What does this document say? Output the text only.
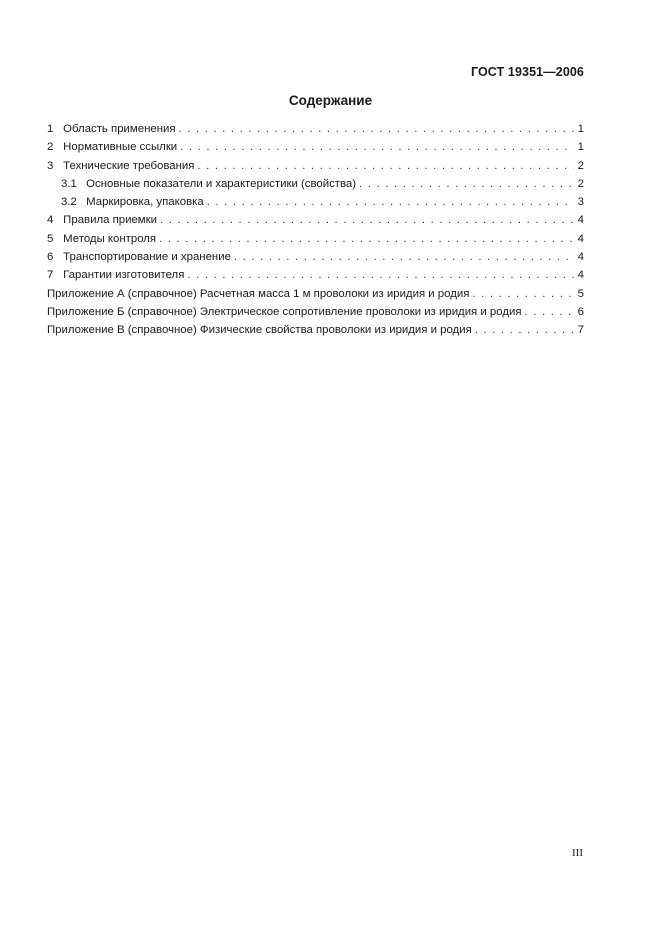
ГОСТ 19351—2006
Содержание
1 Область применения . . .	1
2 Нормативные ссылки . . .	1
3 Технические требования . . .	2
3.1 Основные показатели и характеристики (свойства) . . .	2
3.2 Маркировка, упаковка . . .	3
4 Правила приемки . . .	4
5 Методы контроля . . .	4
6 Транспортирование и хранение . . .	4
7 Гарантии изготовителя . . .	4
Приложение А (справочное) Расчетная масса 1 м проволоки из иридия и родия . . .	5
Приложение Б (справочное) Электрическое сопротивление проволоки из иридия и родия . . .	6
Приложение В (справочное) Физические свойства проволоки из иридия и родия . . .	7
III
